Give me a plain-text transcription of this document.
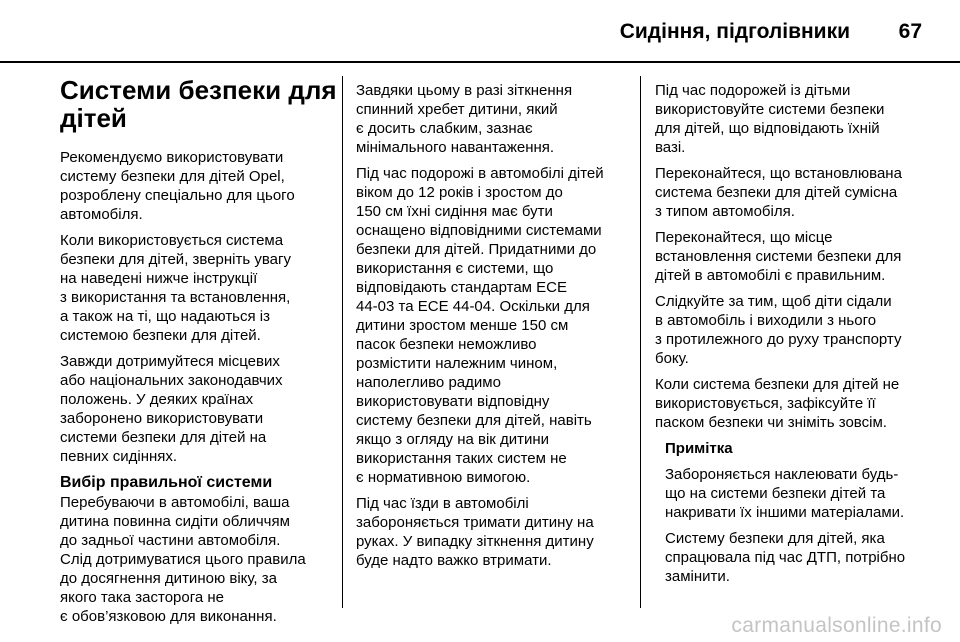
Сидіння, підголівники 67
Системи безпеки для
дітей

Рекомендуємо використовувати
систему безпеки для дітей Opel,
розроблену спеціально для цього
автомобіля.

Коли використовується система
безпеки для дітей, зверніть увагу
на наведені нижче інструкції
з використання та встановлення,
а також на ті, що надаються із
системою безпеки для дітей.

Завжди дотримуйтеся місцевих
або національних законодавчих
положень. У деяких країнах
заборонено використовувати
системи безпеки для дітей на
певних сидіннях.

Вибір правильної системи

Перебуваючи в автомобілі, ваша
дитина повинна сидіти обличчям
до задньої частини автомобіля.
Слід дотримуватися цього правила
до досягнення дитиною віку, за
якого така засторога не
є обов’язковою для виконання.

Завдяки цьому в разі зіткнення
спинний хребет дитини, який
є досить слабким, зазнає
мінімального навантаження.

Під час подорожі в автомобілі дітей
віком до 12 років і зростом до
150 см їхні сидіння має бути
оснащено відповідними системами
безпеки для дітей. Придатними до
використання є системи, що
відповідають стандартам ECE
44-03 та ECE 44-04. Оскільки для
дитини зростом менше 150 см
пасок безпеки неможливо
розмістити належним чином,
наполегливо радимо
використовувати відповідну
систему безпеки для дітей, навіть
якщо з огляду на вік дитини
використання таких систем не
є нормативною вимогою.

Під час їзди в автомобілі
забороняється тримати дитину на
руках. У випадку зіткнення дитину
буде надто важко втримати.

Під час подорожей із дітьми
використовуйте системи безпеки
для дітей, що відповідають їхній
вазі.

Переконайтеся, що встановлювана
система безпеки для дітей сумісна
з типом автомобіля.

Переконайтеся, що місце
встановлення системи безпеки для
дітей в автомобілі є правильним.

Слідкуйте за тим, щоб діти сідали
в автомобіль і виходили з нього
з протилежного до руху транспорту
боку.

Коли система безпеки для дітей не
використовується, зафіксуйте її
паском безпеки чи зніміть зовсім.

Примітка

Забороняється наклеювати будь-
що на системи безпеки дітей та
накривати їх іншими матеріалами.

Систему безпеки для дітей, яка
спрацювала під час ДТП, потрібно
замінити.

carmanualsonline.info
